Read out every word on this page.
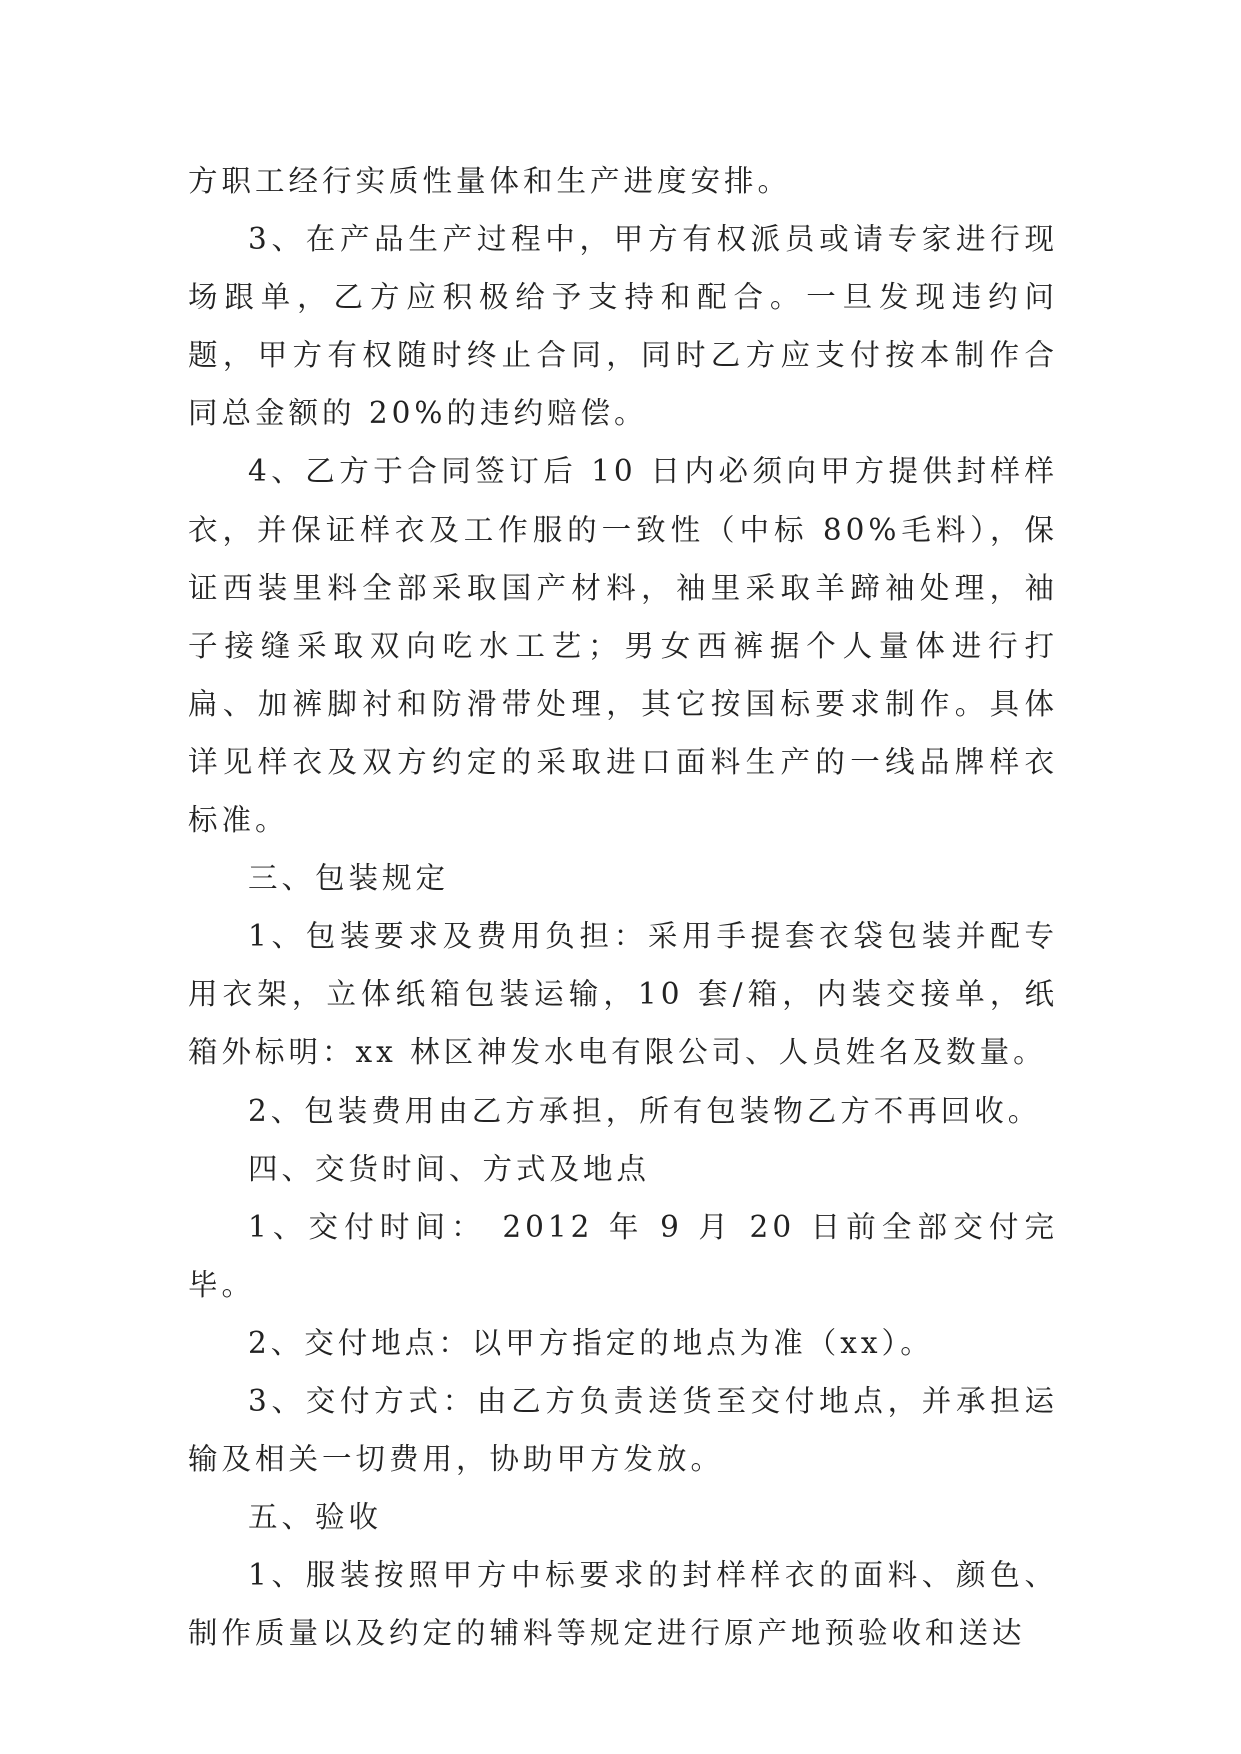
方职工经行实质性量体和生产进度安排。

3、在产品生产过程中，甲方有权派员或请专家进行现场跟单，乙方应积极给予支持和配合。一旦发现违约问题，甲方有权随时终止合同，同时乙方应支付按本制作合同总金额的 20%的违约赔偿。

4、乙方于合同签订后 10 日内必须向甲方提供封样样衣，并保证样衣及工作服的一致性（中标 80%毛料），保证西装里料全部采取国产材料，袖里采取羊蹄袖处理，袖子接缝采取双向吃水工艺；男女西裤据个人量体进行打扁、加裤脚衬和防滑带处理，其它按国标要求制作。具体详见样衣及双方约定的采取进口面料生产的一线品牌样衣标准。

三、包装规定

1、包装要求及费用负担：采用手提套衣袋包装并配专用衣架，立体纸箱包装运输，10 套/箱，内装交接单，纸箱外标明：xx 林区神发水电有限公司、人员姓名及数量。

2、包装费用由乙方承担，所有包装物乙方不再回收。

四、交货时间、方式及地点

1、交付时间： 2012 年 9 月 20 日前全部交付完毕。

2、交付地点：以甲方指定的地点为准（xx）。

3、交付方式：由乙方负责送货至交付地点，并承担运输及相关一切费用，协助甲方发放。

五、验收

1、服装按照甲方中标要求的封样样衣的面料、颜色、制作质量以及约定的辅料等规定进行原产地预验收和送达
